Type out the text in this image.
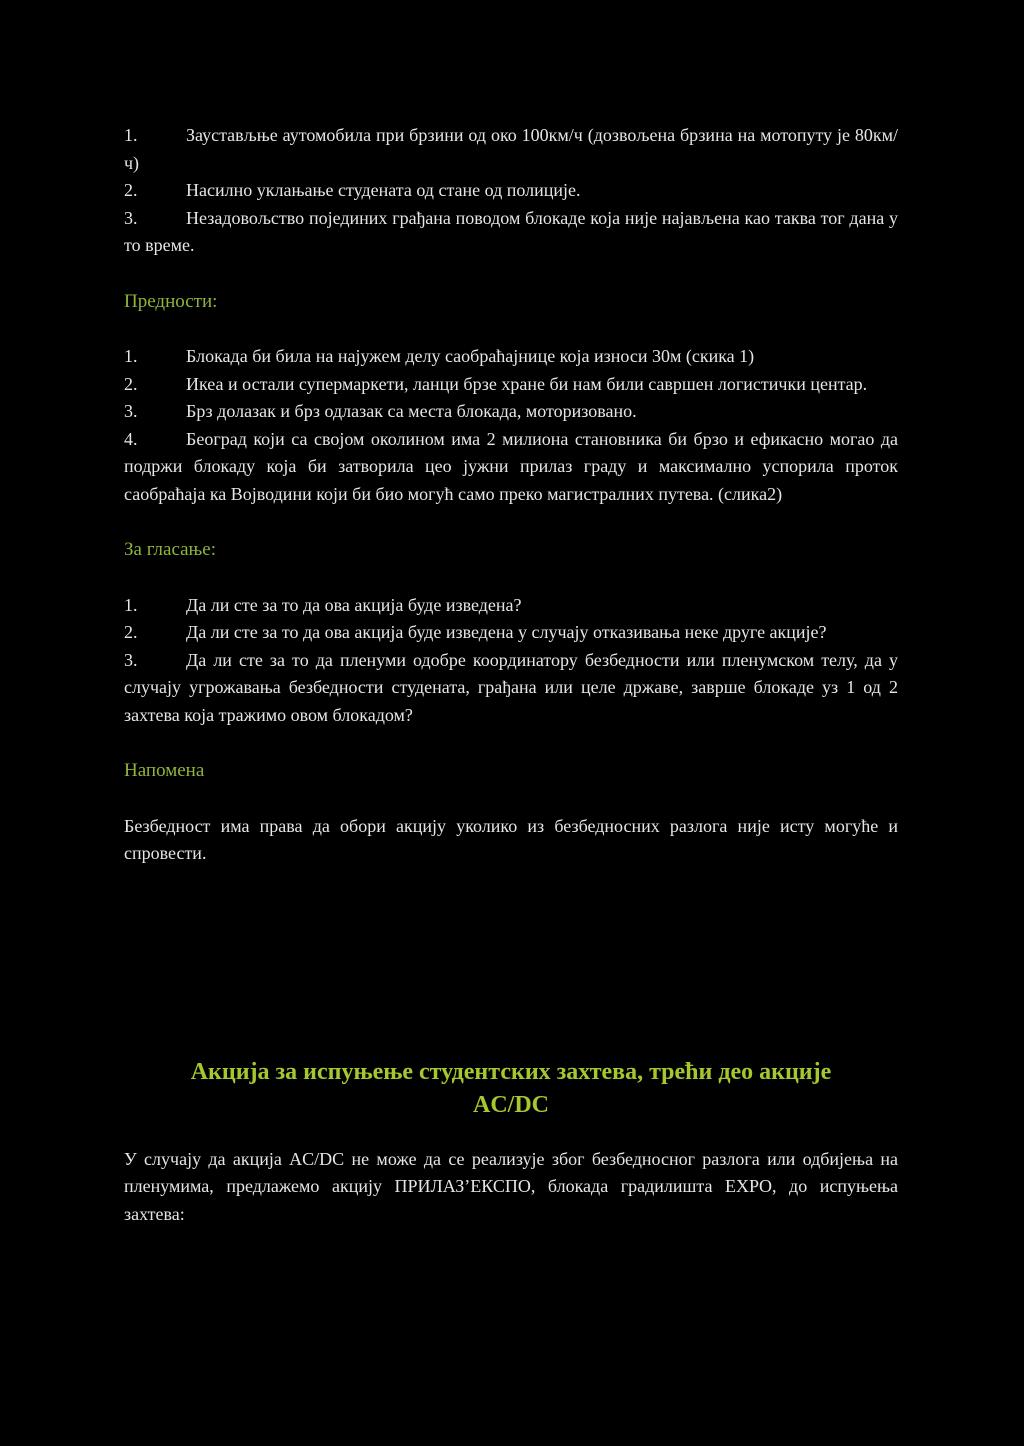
1.	Заустављње аутомобила при брзини од око 100км/ч (дозвољена брзина на мотопуту је 80км/ч)

2.	Насилно уклањање студената од стане од полиције.

3.	Незадовољство појединих грађана поводом блокаде која није најављена као таква тог дана у то време.

Предности:

1.	Блокада би била на најужем делу саобраћајнице која износи 30м (скика 1)

2.	Икеа и остали супермаркети, ланци брзе хране би нам били савршен логистички центар.

3.	Брз долазак и брз одлазак са места блокада, моторизовано.

4.	Београд који са својом околином има 2 милиона становника би брзо и ефикасно могао да подржи блокаду која би затворила цео јужни прилаз граду и максимално успорила проток саобраћаја ка Војводини који би био могућ само преко магистралних путева. (слика2)

За гласање:

1.	Да ли сте за то да ова акција буде изведена?

2.	Да ли сте за то да ова акција буде изведена у случају отказивања неке друге акције?

3.	Да ли сте за то да пленуми одобре координатору безбедности или пленумском телу, да у случају угрожавања безбедности студената, грађана или целе државе, заврше блокаде уз 1 од 2 захтева која тражимо овом блокадом?

Напомена

Безбедност има права да обори акцију уколико из безбедносних разлога није исту могуће и спровести.

Акција за испуњење студентских захтева, трећи део акције
AC/DC

У случају да акција AC/DC не може да се реализује због безбедносног разлога или одбијења на пленумима, предлажемо акцију ПРИЛАЗ’ЕКСПО, блокада градилишта EXPO, до испуњења захтева:
